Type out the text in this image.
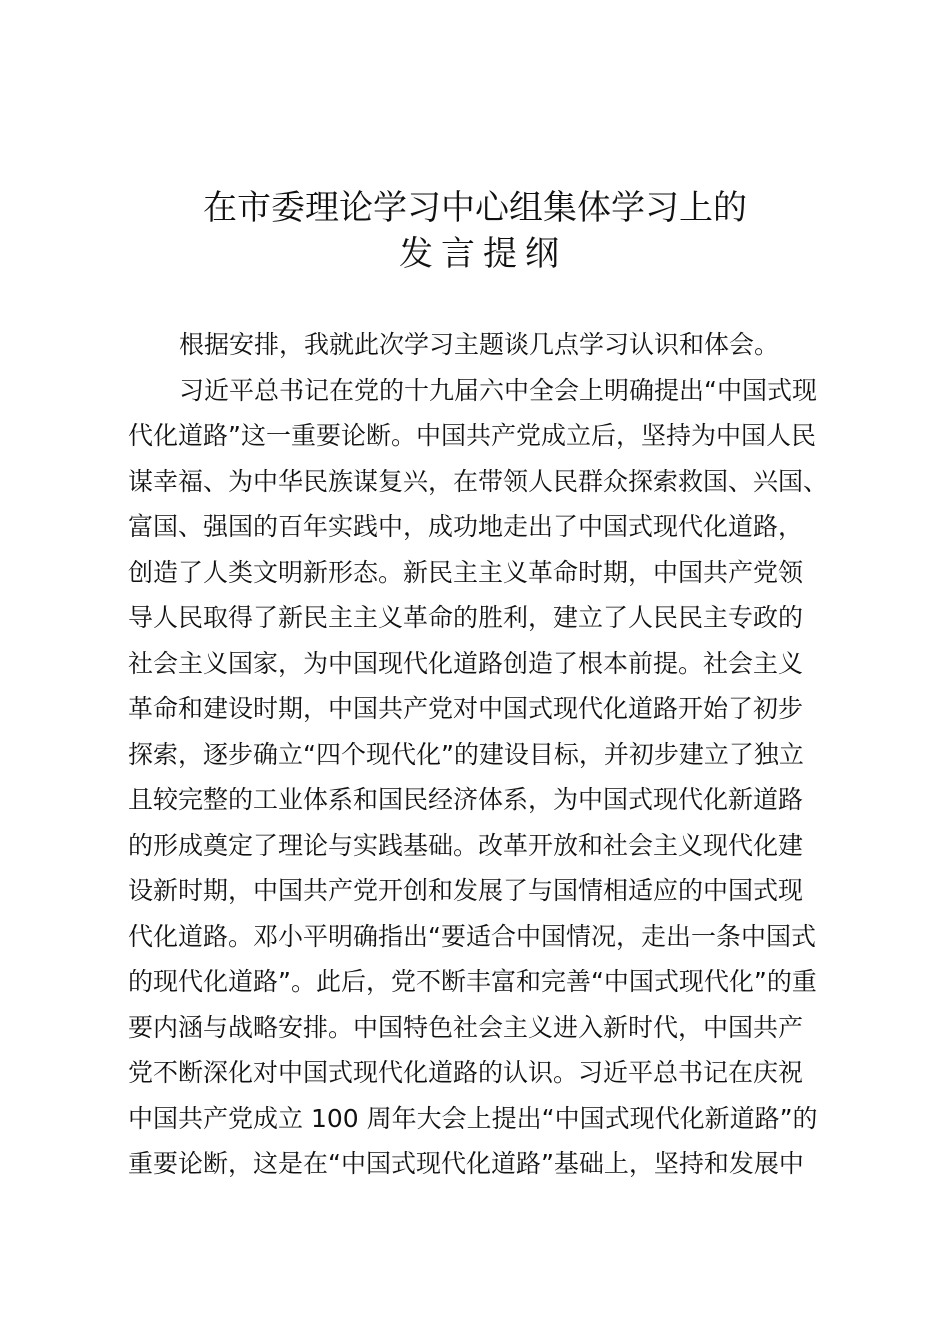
在市委理论学习中心组集体学习上的
发言提纲
根据安排，我就此次学习主题谈几点学习认识和体会。
习近平总书记在党的十九届六中全会上明确提出“中国式现
代化道路”这一重要论断。中国共产党成立后，坚持为中国人民
谋幸福、为中华民族谋复兴，在带领人民群众探索救国、兴国、
富国、强国的百年实践中，成功地走出了中国式现代化道路，
创造了人类文明新形态。新民主主义革命时期，中国共产党领
导人民取得了新民主主义革命的胜利，建立了人民民主专政的
社会主义国家，为中国现代化道路创造了根本前提。社会主义
革命和建设时期，中国共产党对中国式现代化道路开始了初步
探索，逐步确立“四个现代化”的建设目标，并初步建立了独立
且较完整的工业体系和国民经济体系，为中国式现代化新道路
的形成奠定了理论与实践基础。改革开放和社会主义现代化建
设新时期，中国共产党开创和发展了与国情相适应的中国式现
代化道路。邓小平明确指出“要适合中国情况，走出一条中国式
的现代化道路”。此后，党不断丰富和完善“中国式现代化”的重
要内涵与战略安排。中国特色社会主义进入新时代，中国共产
党不断深化对中国式现代化道路的认识。习近平总书记在庆祝
中国共产党成立 100 周年大会上提出“中国式现代化新道路”的
重要论断，这是在“中国式现代化道路”基础上，坚持和发展中
